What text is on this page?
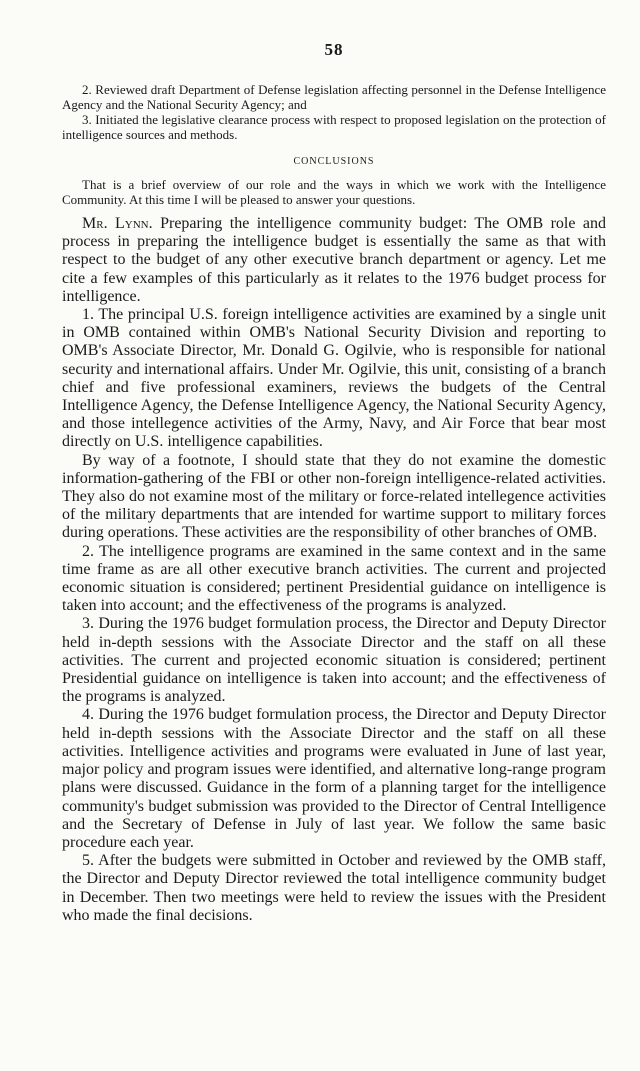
58

2. Reviewed draft Department of Defense legislation affecting personnel in the Defense Intelligence Agency and the National Security Agency; and

3. Initiated the legislative clearance process with respect to proposed legislation on the protection of intelligence sources and methods.

CONCLUSIONS

That is a brief overview of our role and the ways in which we work with the Intelligence Community. At this time I will be pleased to answer your questions.

Mr. Lynn. Preparing the intelligence community budget: The OMB role and process in preparing the intelligence budget is essentially the same as that with respect to the budget of any other executive branch department or agency. Let me cite a few examples of this particularly as it relates to the 1976 budget process for intelligence.

1. The principal U.S. foreign intelligence activities are examined by a single unit in OMB contained within OMB's National Security Division and reporting to OMB's Associate Director, Mr. Donald G. Ogilvie, who is responsible for national security and international affairs. Under Mr. Ogilvie, this unit, consisting of a branch chief and five professional examiners, reviews the budgets of the Central Intelligence Agency, the Defense Intelligence Agency, the National Security Agency, and those intellegence activities of the Army, Navy, and Air Force that bear most directly on U.S. intelligence capabilities.

By way of a footnote, I should state that they do not examine the domestic information-gathering of the FBI or other non-foreign intelligence-related activities. They also do not examine most of the military or force-related intellegence activities of the military departments that are intended for wartime support to military forces during operations. These activities are the responsibility of other branches of OMB.

2. The intelligence programs are examined in the same context and in the same time frame as are all other executive branch activities. The current and projected economic situation is considered; pertinent Presidential guidance on intelligence is taken into account; and the effectiveness of the programs is analyzed.

3. During the 1976 budget formulation process, the Director and Deputy Director held in-depth sessions with the Associate Director and the staff on all these activities. The current and projected economic situation is considered; pertinent Presidential guidance on intelligence is taken into account; and the effectiveness of the programs is analyzed.

4. During the 1976 budget formulation process, the Director and Deputy Director held in-depth sessions with the Associate Director and the staff on all these activities. Intelligence activities and programs were evaluated in June of last year, major policy and program issues were identified, and alternative long-range program plans were discussed. Guidance in the form of a planning target for the intelligence community's budget submission was provided to the Director of Central Intelligence and the Secretary of Defense in July of last year. We follow the same basic procedure each year.

5. After the budgets were submitted in October and reviewed by the OMB staff, the Director and Deputy Director reviewed the total intelligence community budget in December. Then two meetings were held to review the issues with the President who made the final decisions.
